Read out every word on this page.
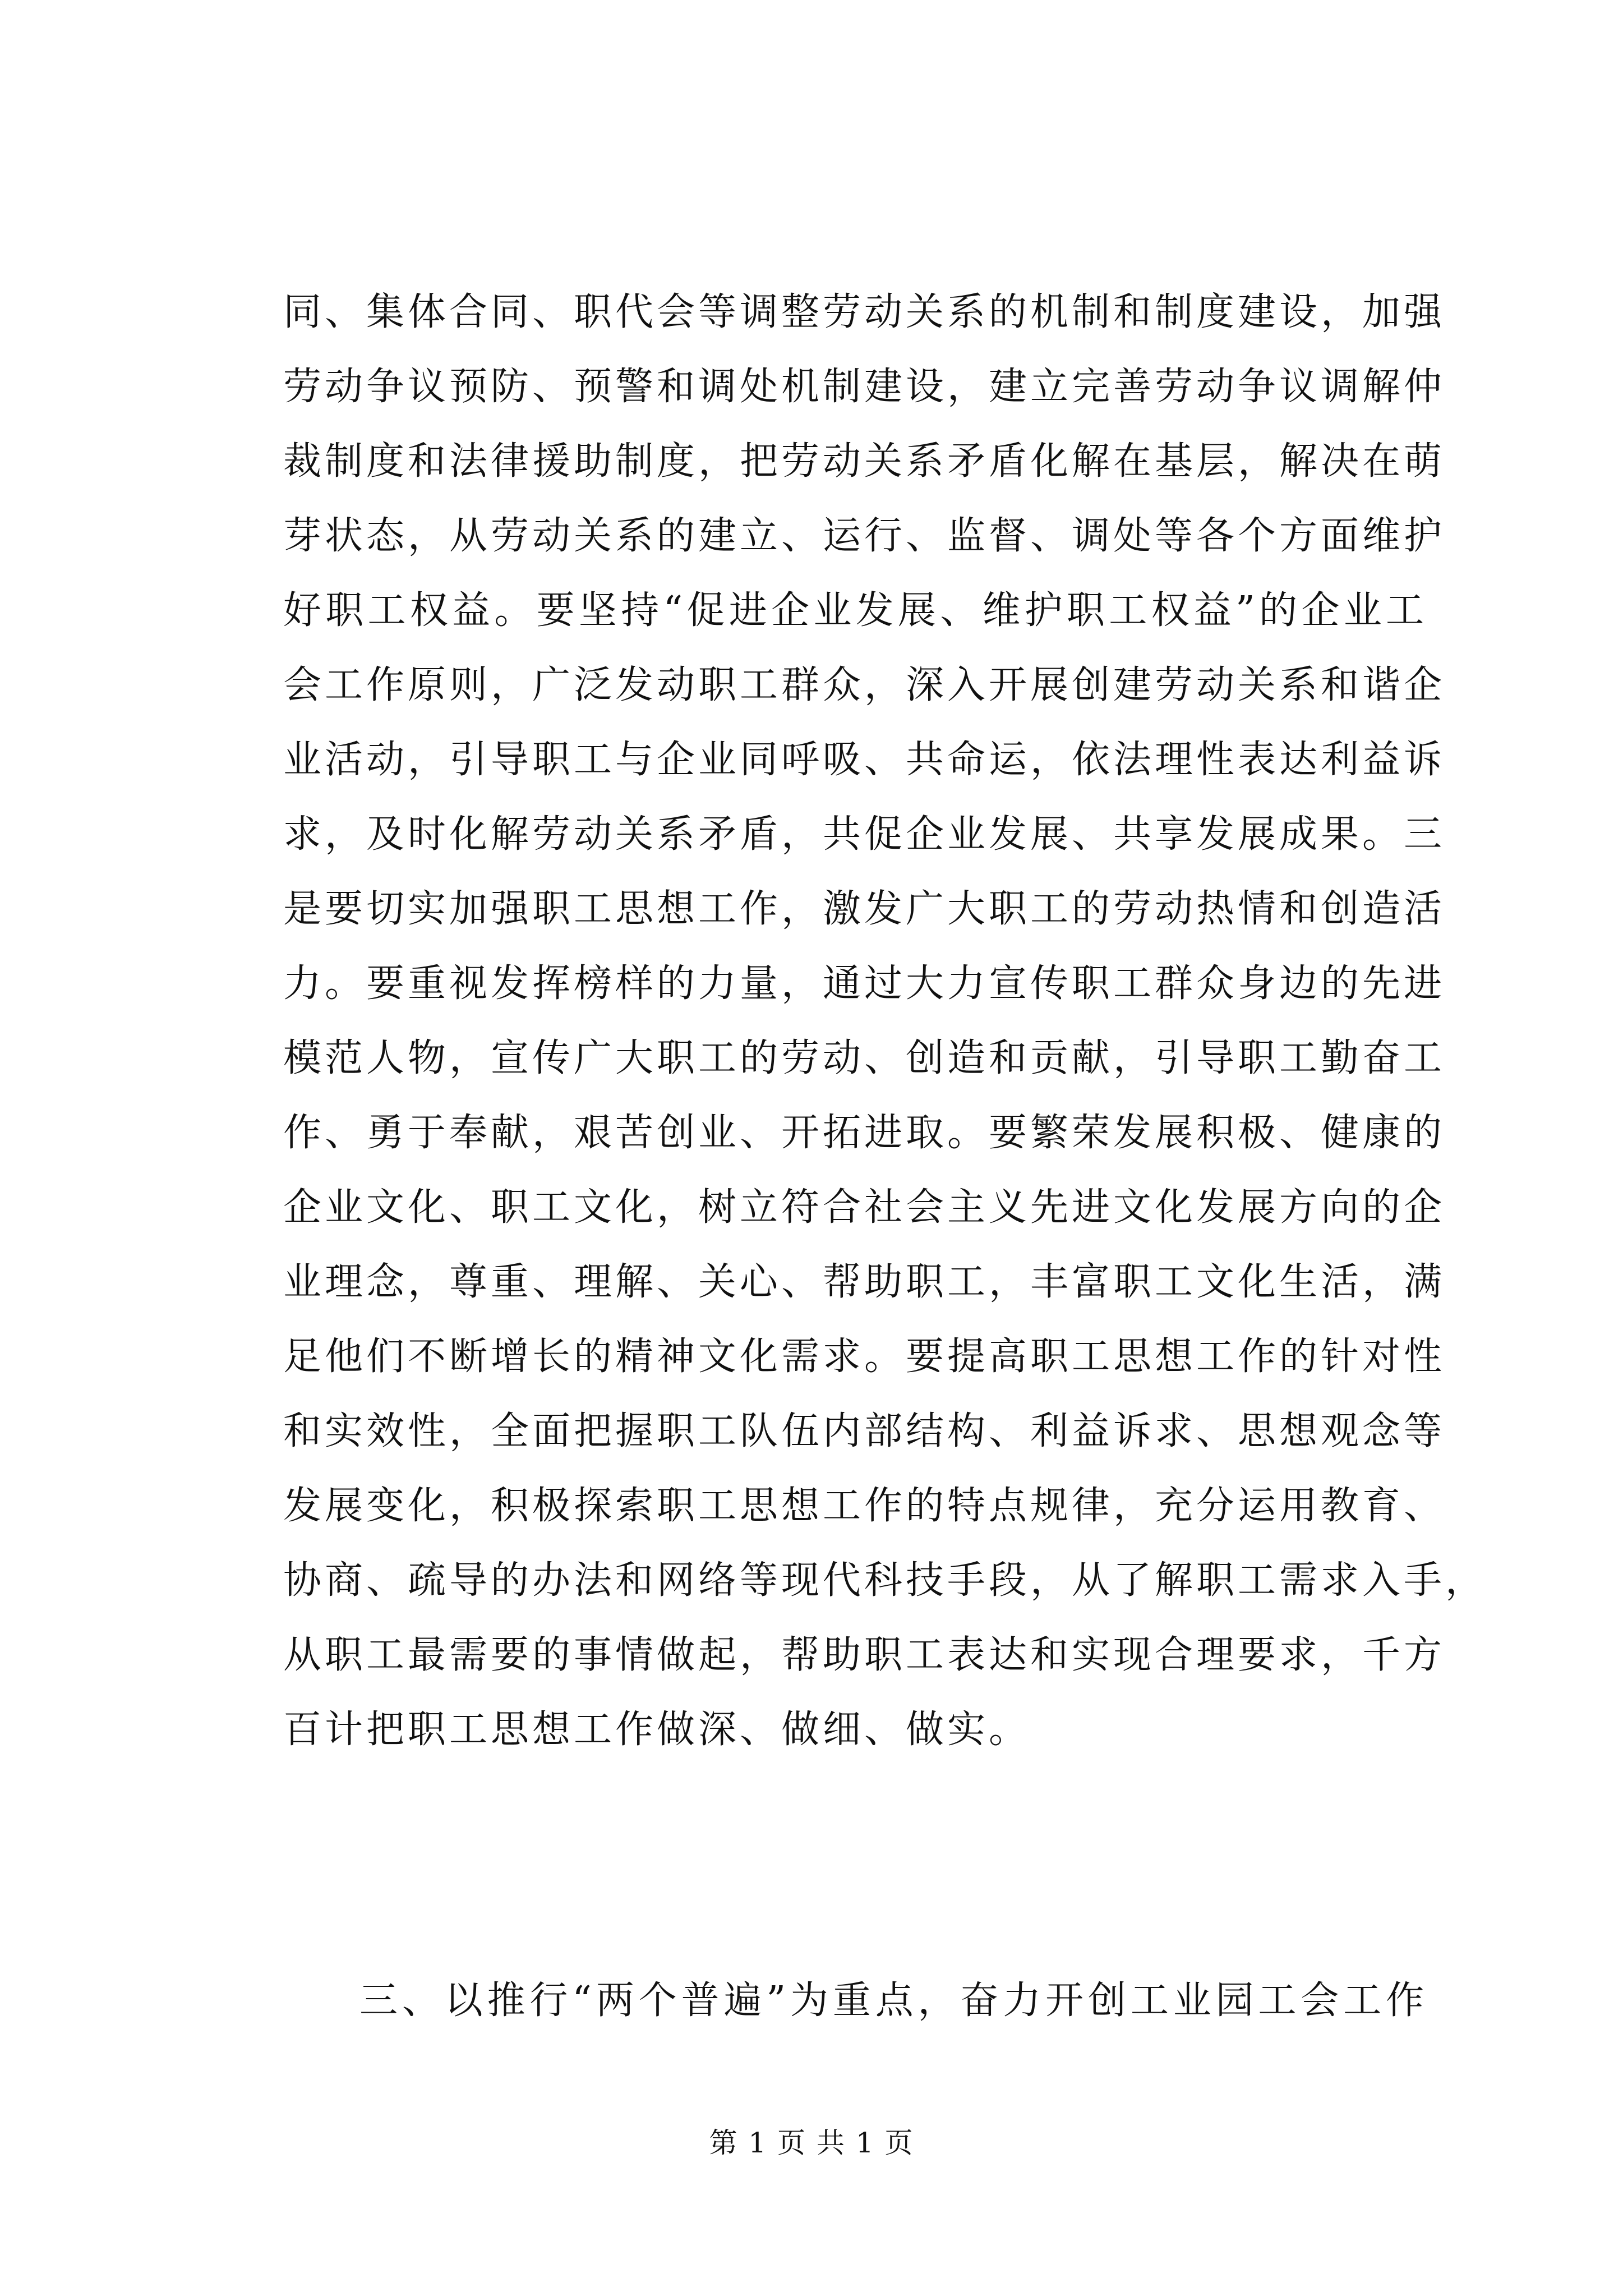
同、集体合同、职代会等调整劳动关系的机制和制度建设，加强
劳动争议预防、预警和调处机制建设，建立完善劳动争议调解仲
裁制度和法律援助制度，把劳动关系矛盾化解在基层，解决在萌
芽状态，从劳动关系的建立、运行、监督、调处等各个方面维护
好职工权益。要坚持“促进企业发展、维护职工权益”的企业工
会工作原则，广泛发动职工群众，深入开展创建劳动关系和谐企
业活动，引导职工与企业同呼吸、共命运，依法理性表达利益诉
求，及时化解劳动关系矛盾，共促企业发展、共享发展成果。三
是要切实加强职工思想工作，激发广大职工的劳动热情和创造活
力。要重视发挥榜样的力量，通过大力宣传职工群众身边的先进
模范人物，宣传广大职工的劳动、创造和贡献，引导职工勤奋工
作、勇于奉献，艰苦创业、开拓进取。要繁荣发展积极、健康的
企业文化、职工文化，树立符合社会主义先进文化发展方向的企
业理念，尊重、理解、关心、帮助职工，丰富职工文化生活，满
足他们不断增长的精神文化需求。要提高职工思想工作的针对性
和实效性，全面把握职工队伍内部结构、利益诉求、思想观念等
发展变化，积极探索职工思想工作的特点规律，充分运用教育、
协商、疏导的办法和网络等现代科技手段，从了解职工需求入手，
从职工最需要的事情做起，帮助职工表达和实现合理要求，千方
百计把职工思想工作做深、做细、做实。
三、以推行“两个普遍”为重点，奋力开创工业园工会工作
第 1 页 共 1 页
